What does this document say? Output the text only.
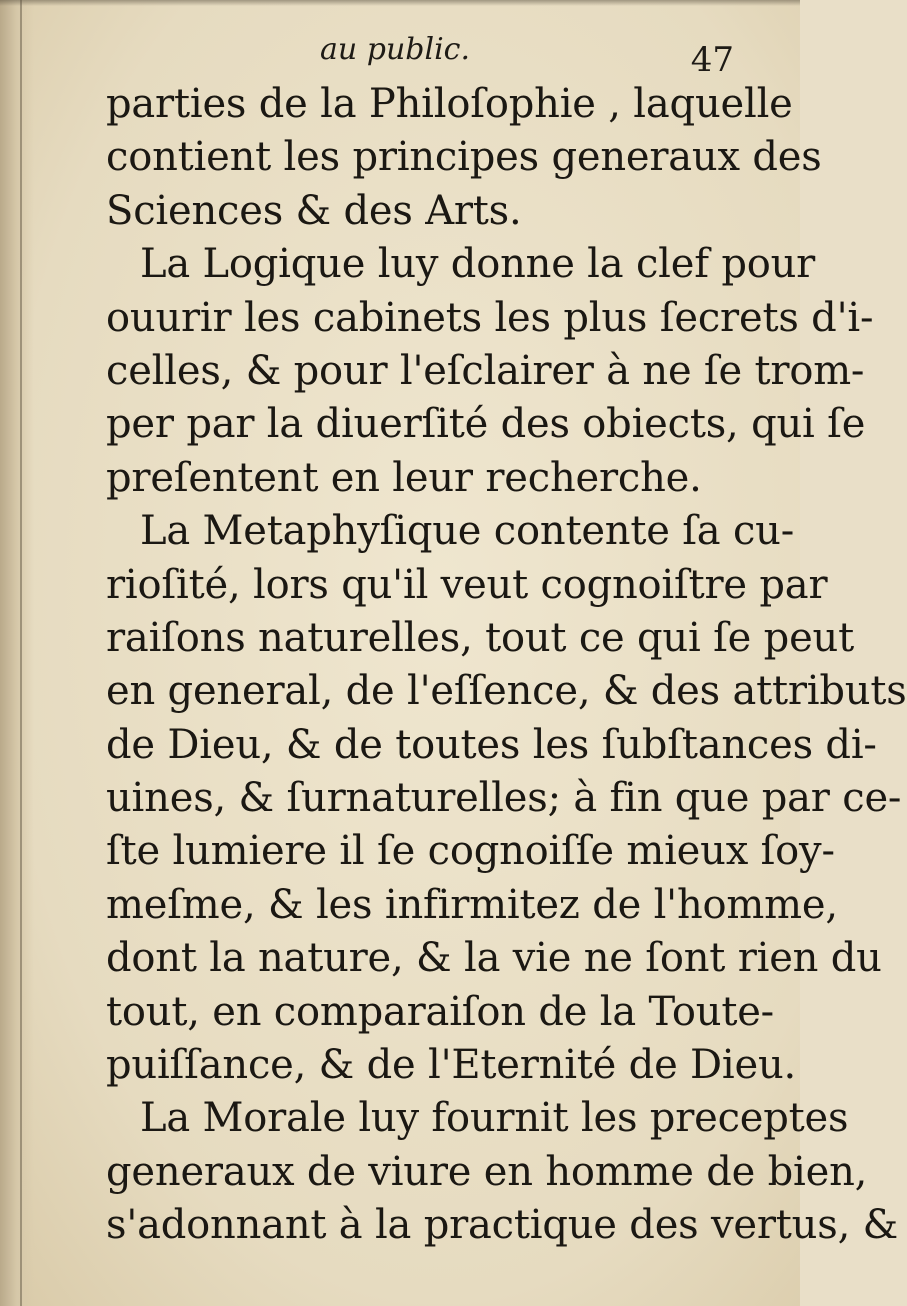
au public.	47
parties de la Philoſophie , laquelle
contient les principes generaux des
Sciences & des Arts.
La Logique luy donne la clef pour
ouurir les cabinets les plus ſecrets d'i-
celles, & pour l'eſclairer à ne ſe trom-
per par la diuerſité des obiects, qui ſe
preſentent en leur recherche.
La Metaphyſique contente ſa cu-
rioſité, lors qu'il veut cognoiſtre par
raiſons naturelles, tout ce qui ſe peut
en general, de l'eſſence, & des attributs
de Dieu, & de toutes les ſubſtances di-
uines, & ſurnaturelles; à fin que par ce-
ſte lumiere il ſe cognoiſſe mieux ſoy-
meſme, & les infirmitez de l'homme,
dont la nature, & la vie ne ſont rien du
tout, en comparaiſon de la Toute-
puiſſance, & de l'Eternité de Dieu.
La Morale luy fournit les preceptes
generaux de viure en homme de bien,
s'adonnant à la practique des vertus, &
